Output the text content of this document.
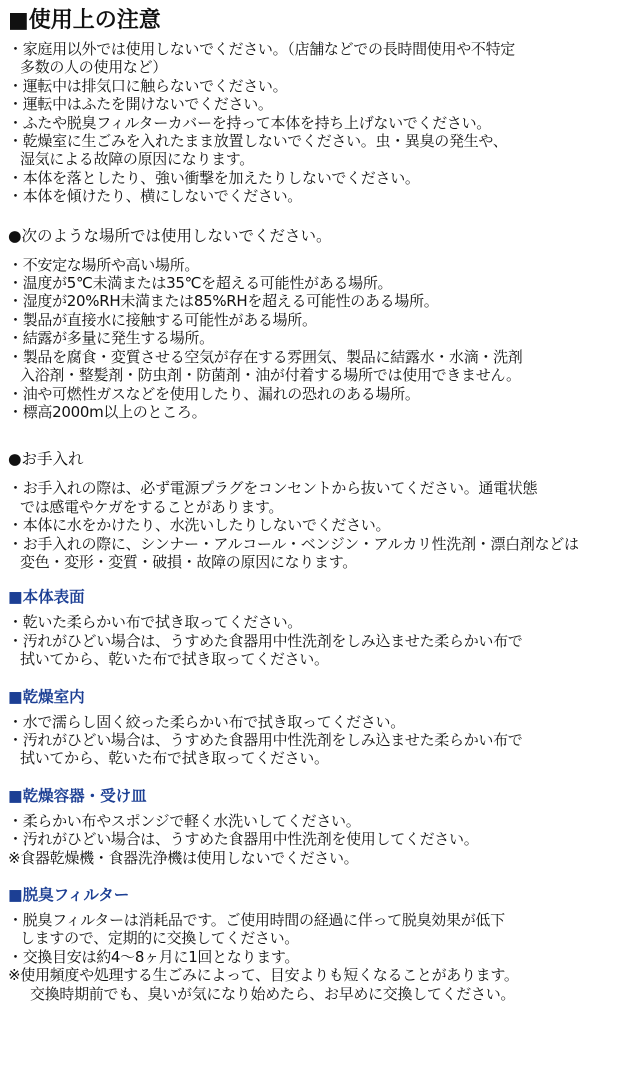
■使用上の注意
・家庭用以外では使用しないでください。（店舗などでの長時間使用や不特定
多数の人の使用など）
・運転中は排気口に触らないでください。
・運転中はふたを開けないでください。
・ふたや脱臭フィルターカバーを持って本体を持ち上げないでください。
・乾燥室に生ごみを入れたまま放置しないでください。虫・異臭の発生や、
湿気による故障の原因になります。
・本体を落としたり、強い衝撃を加えたりしないでください。
・本体を傾けたり、横にしないでください。
●次のような場所では使用しないでください。
・不安定な場所や高い場所。
・温度が5℃未満または35℃を超える可能性がある場所。
・湿度が20%RH未満または85%RHを超える可能性のある場所。
・製品が直接水に接触する可能性がある場所。
・結露が多量に発生する場所。
・製品を腐食・変質させる空気が存在する雰囲気、製品に結露水・水滴・洗剤
入浴剤・整髪剤・防虫剤・防菌剤・油が付着する場所では使用できません。
・油や可燃性ガスなどを使用したり、漏れの恐れのある場所。
・標高2000m以上のところ。
●お手入れ
・お手入れの際は、必ず電源プラグをコンセントから抜いてください。通電状態
では感電やケガをすることがあります。
・本体に水をかけたり、水洗いしたりしないでください。
・お手入れの際に、シンナー・アルコール・ベンジン・アルカリ性洗剤・漂白剤などは
変色・変形・変質・破損・故障の原因になります。
■本体表面
・乾いた柔らかい布で拭き取ってください。
・汚れがひどい場合は、うすめた食器用中性洗剤をしみ込ませた柔らかい布で
拭いてから、乾いた布で拭き取ってください。
■乾燥室内
・水で濡らし固く絞った柔らかい布で拭き取ってください。
・汚れがひどい場合は、うすめた食器用中性洗剤をしみ込ませた柔らかい布で
拭いてから、乾いた布で拭き取ってください。
■乾燥容器・受け皿
・柔らかい布やスポンジで軽く水洗いしてください。
・汚れがひどい場合は、うすめた食器用中性洗剤を使用してください。
※食器乾燥機・食器洗浄機は使用しないでください。
■脱臭フィルター
・脱臭フィルターは消耗品です。ご使用時間の経過に伴って脱臭効果が低下
しますので、定期的に交換してください。
・交換目安は約4～8ヶ月に1回となります。
※使用頻度や処理する生ごみによって、目安よりも短くなることがあります。
交換時期前でも、臭いが気になり始めたら、お早めに交換してください。
